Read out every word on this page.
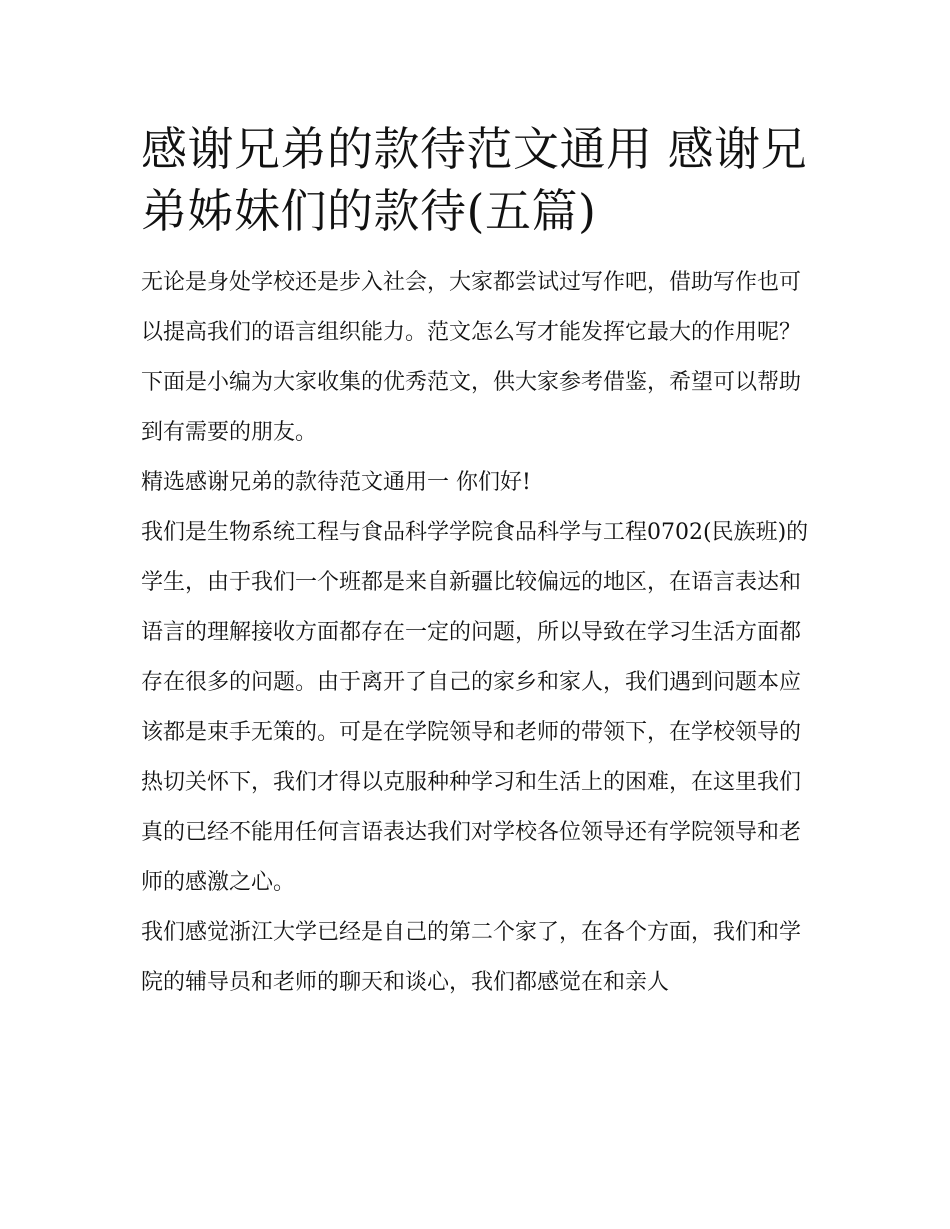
感谢兄弟的款待范文通用 感谢兄弟姊妹们的款待(五篇)

无论是身处学校还是步入社会，大家都尝试过写作吧，借助写作也可以提高我们的语言组织能力。范文怎么写才能发挥它最大的作用呢？下面是小编为大家收集的优秀范文，供大家参考借鉴，希望可以帮助到有需要的朋友。

精选感谢兄弟的款待范文通用一 你们好!

我们是生物系统工程与食品科学学院食品科学与工程0702(民族班)的学生，由于我们一个班都是来自新疆比较偏远的地区，在语言表达和语言的理解接收方面都存在一定的问题，所以导致在学习生活方面都存在很多的问题。由于离开了自己的家乡和家人，我们遇到问题本应该都是束手无策的。可是在学院领导和老师的带领下，在学校领导的热切关怀下，我们才得以克服种种学习和生活上的困难，在这里我们真的已经不能用任何言语表达我们对学校各位领导还有学院领导和老师的感激之心。

我们感觉浙江大学已经是自己的第二个家了，在各个方面，我们和学院的辅导员和老师的聊天和谈心，我们都感觉在和亲人
